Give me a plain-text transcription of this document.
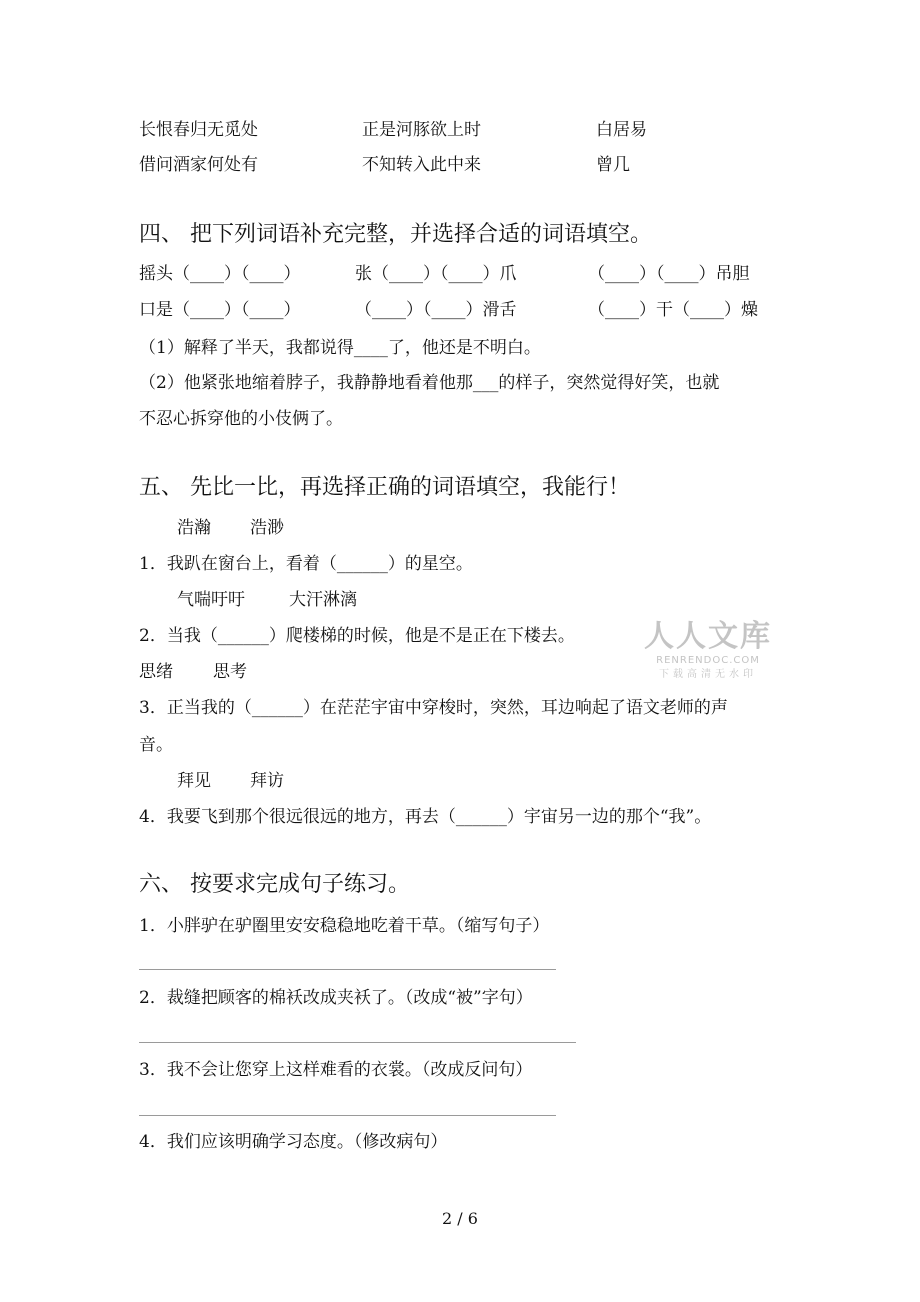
长恨春归无觅处	正是河豚欲上时	白居易
借问酒家何处有	不知转入此中来	曾几
四、 把下列词语补充完整，并选择合适的词语填空。
摇头（____）（____）	张（____）（____）爪	（____）（____）吊胆
口是（____）（____）	（____）（____）滑舌	（____）干（____）燥
（1）解释了半天，我都说得____了，他还是不明白。
（2）他紧张地缩着脖子，我静静地看着他那___的样子，突然觉得好笑，也就
不忍心拆穿他的小伎俩了。
五、 先比一比，再选择正确的词语填空，我能行！
浩瀚 浩渺
1．我趴在窗台上，看着（______）的星空。
气喘吁吁	大汗淋漓
2．当我（______）爬楼梯的时候，他是不是正在下楼去。
思绪 思考
3．正当我的（______）在茫茫宇宙中穿梭时，突然，耳边响起了语文老师的声
音。
拜见 拜访
4．我要飞到那个很远很远的地方，再去（______）宇宙另一边的那个“我”。
六、 按要求完成句子练习。
1．小胖驴在驴圈里安安稳稳地吃着干草。（缩写句子）
2．裁缝把顾客的棉袄改成夹袄了。（改成“被”字句）
3．我不会让您穿上这样难看的衣裳。（改成反问句）
4．我们应该明确学习态度。（修改病句）
人人文库
RENRENDOC.COM
下载高清无水印
2 / 6
